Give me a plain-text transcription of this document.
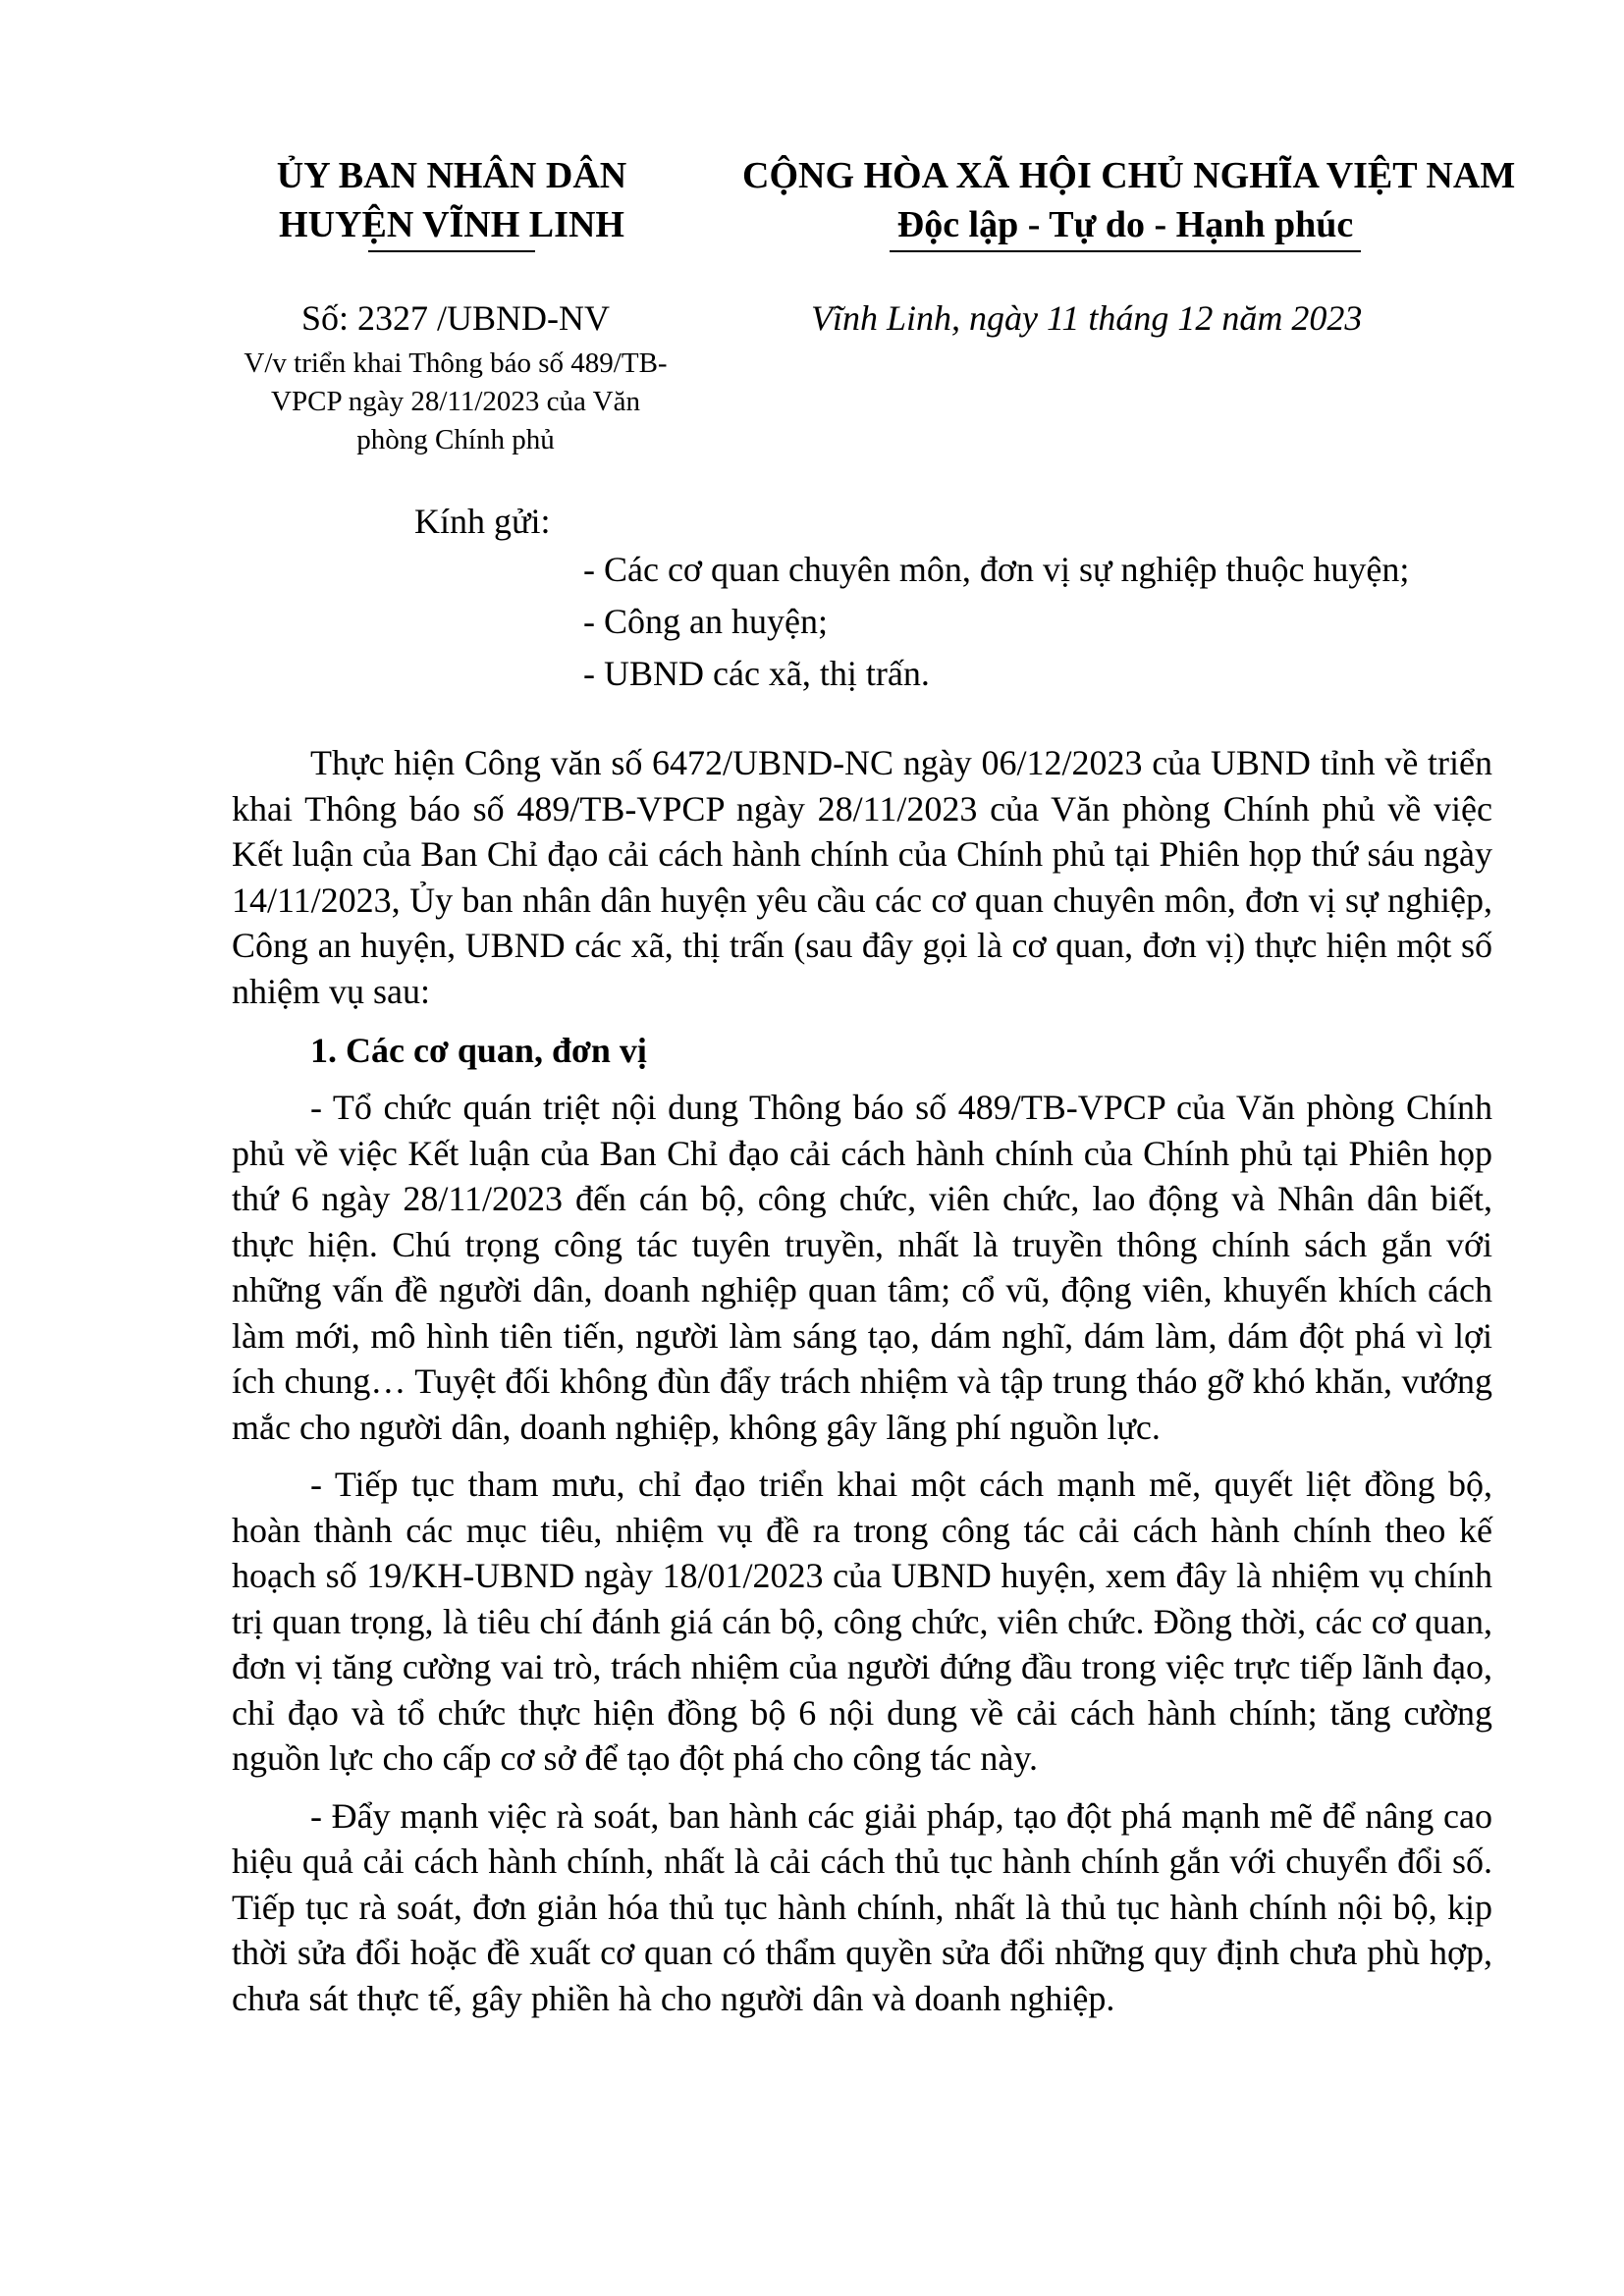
ỦY BAN NHÂN DÂN
HUYỆN VĨNH LINH
CỘNG HÒA XÃ HỘI CHỦ NGHĨA VIỆT NAM
Độc lập - Tự do - Hạnh phúc
Số: 2327 /UBND-NV
V/v triển khai Thông báo số 489/TB-VPCP ngày 28/11/2023 của Văn phòng Chính phủ
Vĩnh Linh, ngày 11 tháng 12 năm 2023
Kính gửi:
- Các cơ quan chuyên môn, đơn vị sự nghiệp thuộc huyện;
- Công an huyện;
- UBND các xã, thị trấn.

Thực hiện Công văn số 6472/UBND-NC ngày 06/12/2023 của UBND tỉnh về triển khai Thông báo số 489/TB-VPCP ngày 28/11/2023 của Văn phòng Chính phủ về việc Kết luận của Ban Chỉ đạo cải cách hành chính của Chính phủ tại Phiên họp thứ sáu ngày 14/11/2023, Ủy ban nhân dân huyện yêu cầu các cơ quan chuyên môn, đơn vị sự nghiệp, Công an huyện, UBND các xã, thị trấn (sau đây gọi là cơ quan, đơn vị) thực hiện một số nhiệm vụ sau:

1. Các cơ quan, đơn vị

- Tổ chức quán triệt nội dung Thông báo số 489/TB-VPCP của Văn phòng Chính phủ về việc Kết luận của Ban Chỉ đạo cải cách hành chính của Chính phủ tại Phiên họp thứ 6 ngày 28/11/2023 đến cán bộ, công chức, viên chức, lao động và Nhân dân biết, thực hiện. Chú trọng công tác tuyên truyền, nhất là truyền thông chính sách gắn với những vấn đề người dân, doanh nghiệp quan tâm; cổ vũ, động viên, khuyến khích cách làm mới, mô hình tiên tiến, người làm sáng tạo, dám nghĩ, dám làm, dám đột phá vì lợi ích chung… Tuyệt đối không đùn đẩy trách nhiệm và tập trung tháo gỡ khó khăn, vướng mắc cho người dân, doanh nghiệp, không gây lãng phí nguồn lực.

- Tiếp tục tham mưu, chỉ đạo triển khai một cách mạnh mẽ, quyết liệt đồng bộ, hoàn thành các mục tiêu, nhiệm vụ đề ra trong công tác cải cách hành chính theo kế hoạch số 19/KH-UBND ngày 18/01/2023 của UBND huyện, xem đây là nhiệm vụ chính trị quan trọng, là tiêu chí đánh giá cán bộ, công chức, viên chức. Đồng thời, các cơ quan, đơn vị tăng cường vai trò, trách nhiệm của người đứng đầu trong việc trực tiếp lãnh đạo, chỉ đạo và tổ chức thực hiện đồng bộ 6 nội dung về cải cách hành chính; tăng cường nguồn lực cho cấp cơ sở để tạo đột phá cho công tác này.

- Đẩy mạnh việc rà soát, ban hành các giải pháp, tạo đột phá mạnh mẽ để nâng cao hiệu quả cải cách hành chính, nhất là cải cách thủ tục hành chính gắn với chuyển đổi số. Tiếp tục rà soát, đơn giản hóa thủ tục hành chính, nhất là thủ tục hành chính nội bộ, kịp thời sửa đổi hoặc đề xuất cơ quan có thẩm quyền sửa đổi những quy định chưa phù hợp, chưa sát thực tế, gây phiền hà cho người dân và doanh nghiệp.
